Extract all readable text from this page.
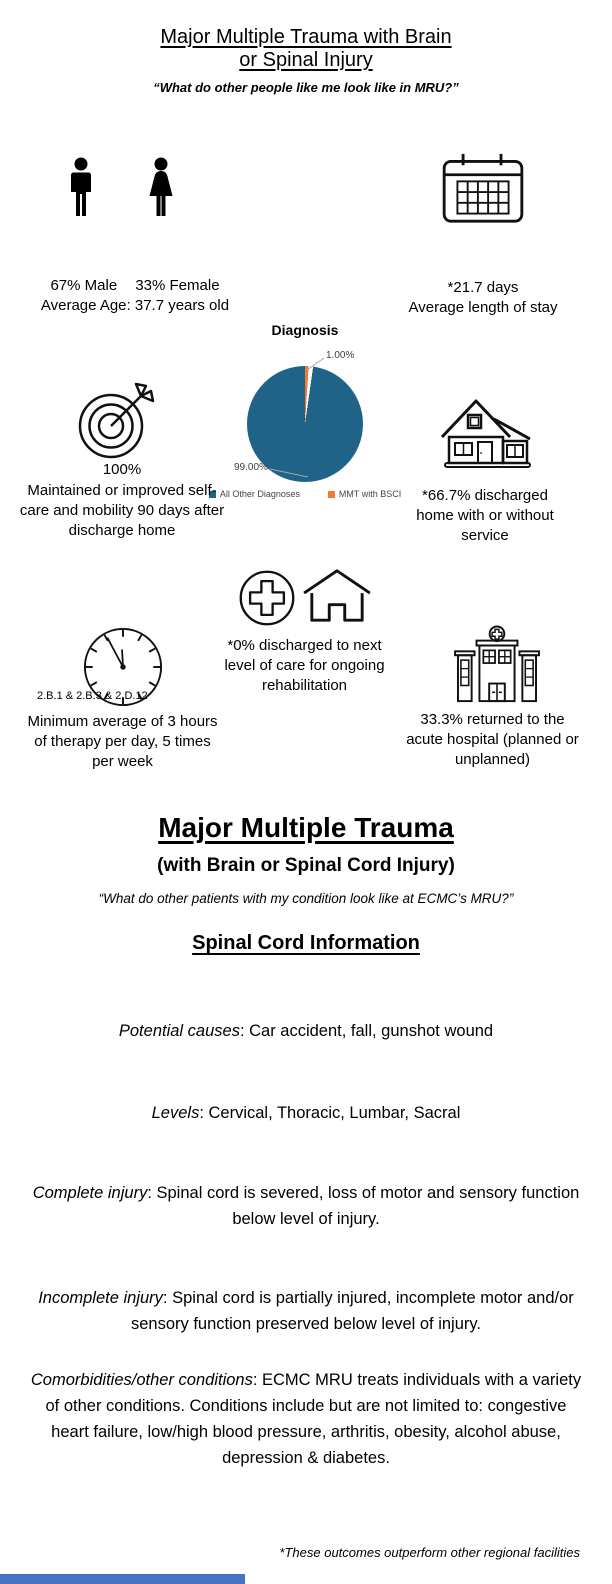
Major Multiple Trauma with Brain
or Spinal Injury
“What do other people like me look like in MRU?”
67% Male 33% Female
Average Age: 37.7 years old
*21.7 days
Average length of stay
Diagnosis
1.00%
99.00%
All Other Diagnoses	MMT with BSCI
100%
Maintained or improved self-care and mobility 90 days after discharge home
*66.7% discharged home with or without service
*0% discharged to next level of care for ongoing rehabilitation
2.B.1 & 2.B.3 & 2.D.12
Minimum average of 3 hours of therapy per day, 5 times per week
33.3% returned to the acute hospital (planned or unplanned)
Major Multiple Trauma
(with Brain or Spinal Cord Injury)
“What do other patients with my condition look like at ECMC’s MRU?”
Spinal Cord Information

Potential causes: Car accident, fall, gunshot wound

Levels: Cervical, Thoracic, Lumbar, Sacral

Complete injury: Spinal cord is severed, loss of motor and sensory function below level of injury.

Incomplete injury: Spinal cord is partially injured, incomplete motor and/or sensory function preserved below level of injury.

Comorbidities/other conditions: ECMC MRU treats individuals with a variety of other conditions. Conditions include but are not limited to: congestive heart failure, low/high blood pressure, arthritis, obesity, alcohol abuse, depression & diabetes.

*These outcomes outperform other regional facilities
